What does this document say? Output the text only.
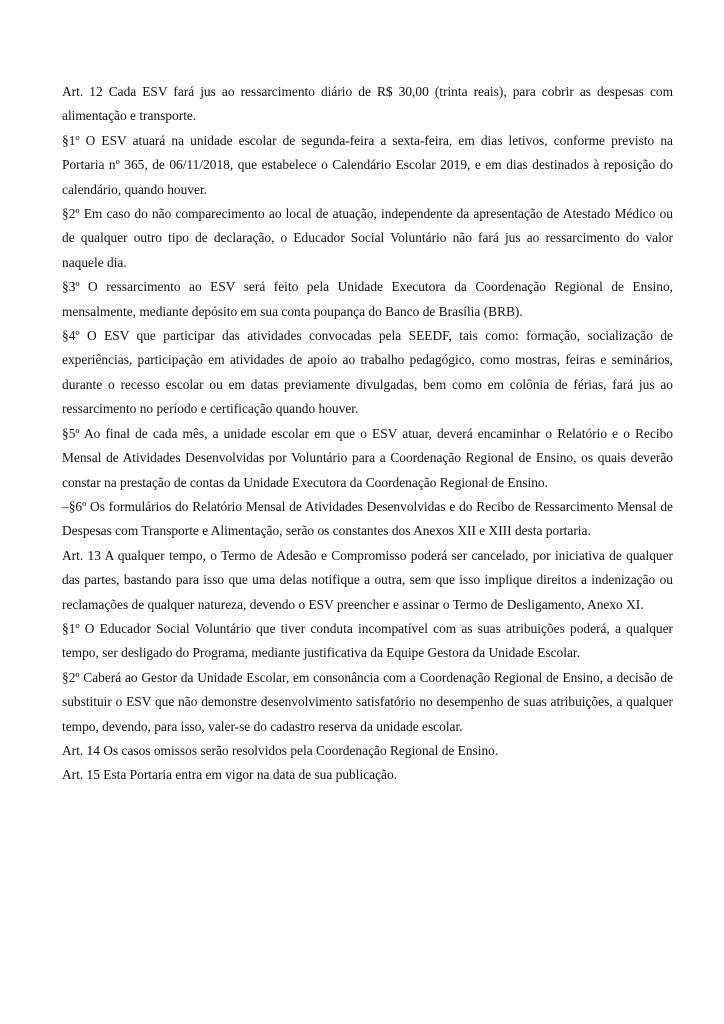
Art. 12 Cada ESV fará jus ao ressarcimento diário de R$ 30,00 (trinta reais), para cobrir as despesas com alimentação e transporte.

§1º O ESV atuará na unidade escolar de segunda-feira a sexta-feira, em dias letivos, conforme previsto na Portaria nº 365, de 06/11/2018, que estabelece o Calendário Escolar 2019, e em dias destinados à reposição do calendário, quando houver.

§2º Em caso do não comparecimento ao local de atuação, independente da apresentação de Atestado Médico ou de qualquer outro tipo de declaração, o Educador Social Voluntário não fará jus ao ressarcimento do valor naquele dia.

§3º O ressarcimento ao ESV será feito pela Unidade Executora da Coordenação Regional de Ensino, mensalmente, mediante depósito em sua conta poupança do Banco de Brasília (BRB).

§4º O ESV que participar das atividades convocadas pela SEEDF, tais como: formação, socialização de experiências, participação em atividades de apoio ao trabalho pedagógico, como mostras, feiras e seminários, durante o recesso escolar ou em datas previamente divulgadas, bem como em colônia de férias, fará jus ao ressarcimento no período e certificação quando houver.

§5º Ao final de cada mês, a unidade escolar em que o ESV atuar, deverá encaminhar o Relatório e o Recibo Mensal de Atividades Desenvolvidas por Voluntário para a Coordenação Regional de Ensino, os quais deverão constar na prestação de contas da Unidade Executora da Coordenação Regional de Ensino.

–§6º Os formulários do Relatório Mensal de Atividades Desenvolvidas e do Recibo de Ressarcimento Mensal de Despesas com Transporte e Alimentação, serão os constantes dos Anexos XII e XIII desta portaria.

Art. 13 A qualquer tempo, o Termo de Adesão e Compromisso poderá ser cancelado, por iniciativa de qualquer das partes, bastando para isso que uma delas notifique a outra, sem que isso implique direitos a indenização ou reclamações de qualquer natureza, devendo o ESV preencher e assinar o Termo de Desligamento, Anexo XI.

§1º O Educador Social Voluntário que tiver conduta incompatível com as suas atribuições poderá, a qualquer tempo, ser desligado do Programa, mediante justificativa da Equipe Gestora da Unidade Escolar.

§2º Caberá ao Gestor da Unidade Escolar, em consonância com a Coordenação Regional de Ensino, a decisão de substituir o ESV que não demonstre desenvolvimento satisfatório no desempenho de suas atribuições, a qualquer tempo, devendo, para isso, valer-se do cadastro reserva da unidade escolar.

Art. 14 Os casos omissos serão resolvidos pela Coordenação Regional de Ensino.

Art. 15 Esta Portaria entra em vigor na data de sua publicação.
